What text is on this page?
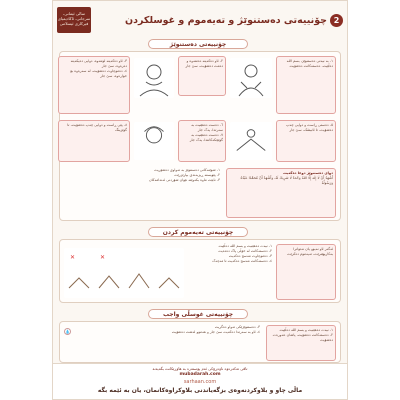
2
چۆنییەتی دەستنوێژ و تەیەموم و غوسلکردن
سالی ئیمانی، سرجانی، ئاکادیمیای فیرکاری ئیسلامی
چۆنییەتی دەستنوێژ
١- بە نیەتی دەستنوێژ، بسم الله دەڵێیت، دەستەکانت دەشۆیت
٢- ئاو دەکەیتە دەمتەوە و دەمت دەشۆیت، سێ جار
٣- ئاو دەکەیتە لوتتەوە، دوایی دەیکەیتە دەرەوە، سێ جار
٤- دەموچاوت دەشۆیت، لە سەرەوە بۆ خوارەوە، سێ جار
٥- دەستی ڕاست و دوایی چەپ دەشۆیت، تا ئانیشک، سێ جار
٦- دەست دەهێنیت بە سەرتدا، یەک جار
٧- دەست دەهێنیت بە گوێچکەکانتدا، یەک جار
٨- پێی ڕاست و دوایی چەپ دەشۆیت، تا گوێزینگ
دوای دەستنوێژ دوعا دەکەیت
أَشْهَدُ أَنْ لَا إِلَهَ إِلَّا اللهُ وَحْدَهُ لَا شَرِيكَ لَهُ، وَأَشْهَدُ أَنَّ مُحَمَّدًا عَبْدُهُ وَرَسُولُهُ
١- شوێنەکانی دەستنوێژ بە تەواوی دەشۆریت
٢- پێویستە ڕیزبەندی بپارێزرێت
٣- نابێت ماوە بکەوێتە نێوان شۆردنی ئەندامەکان
چۆنییەتی تەیەموم کردن
ئەگەر ئاو نەبوو یان نەتوانرا بەکاربهێنرێت، تەیەموم دەکرێت
١- نیەت دەهێنیت و بسم الله دەڵێیت
٢- دەستەکانت لە خۆڵی پاک دەدەیت
٣- دەموچاوت مەسح دەکەیت
٤- دەستەکانت مەسح دەکەیت تا مەچەک
✕	✕
چۆنییەتی غوسڵی واجب
١- نیەت دەهێنیت و بسم الله دەڵێیت
٢- دەستەکانت دەشۆیت، پاشان عەورەت دەشۆیت
٣- دەستنوێژێکی تەواو دەگریت
٤- ئاو بە سەرتدا دەکەیت سێ جار و هەموو لەشت دەشۆیت
💧
تاقی تەکەرەوە ناوەڕۆکی ئەم پۆستەرە بە هاوڕێکانت بگەیەنە
mubadarah.com
sarhaan.com
ماڵی چاو و بلاوکردنەوەی بزگەیاندنی بلاوکراوەکانمان، یان بە ئێمە بگە
